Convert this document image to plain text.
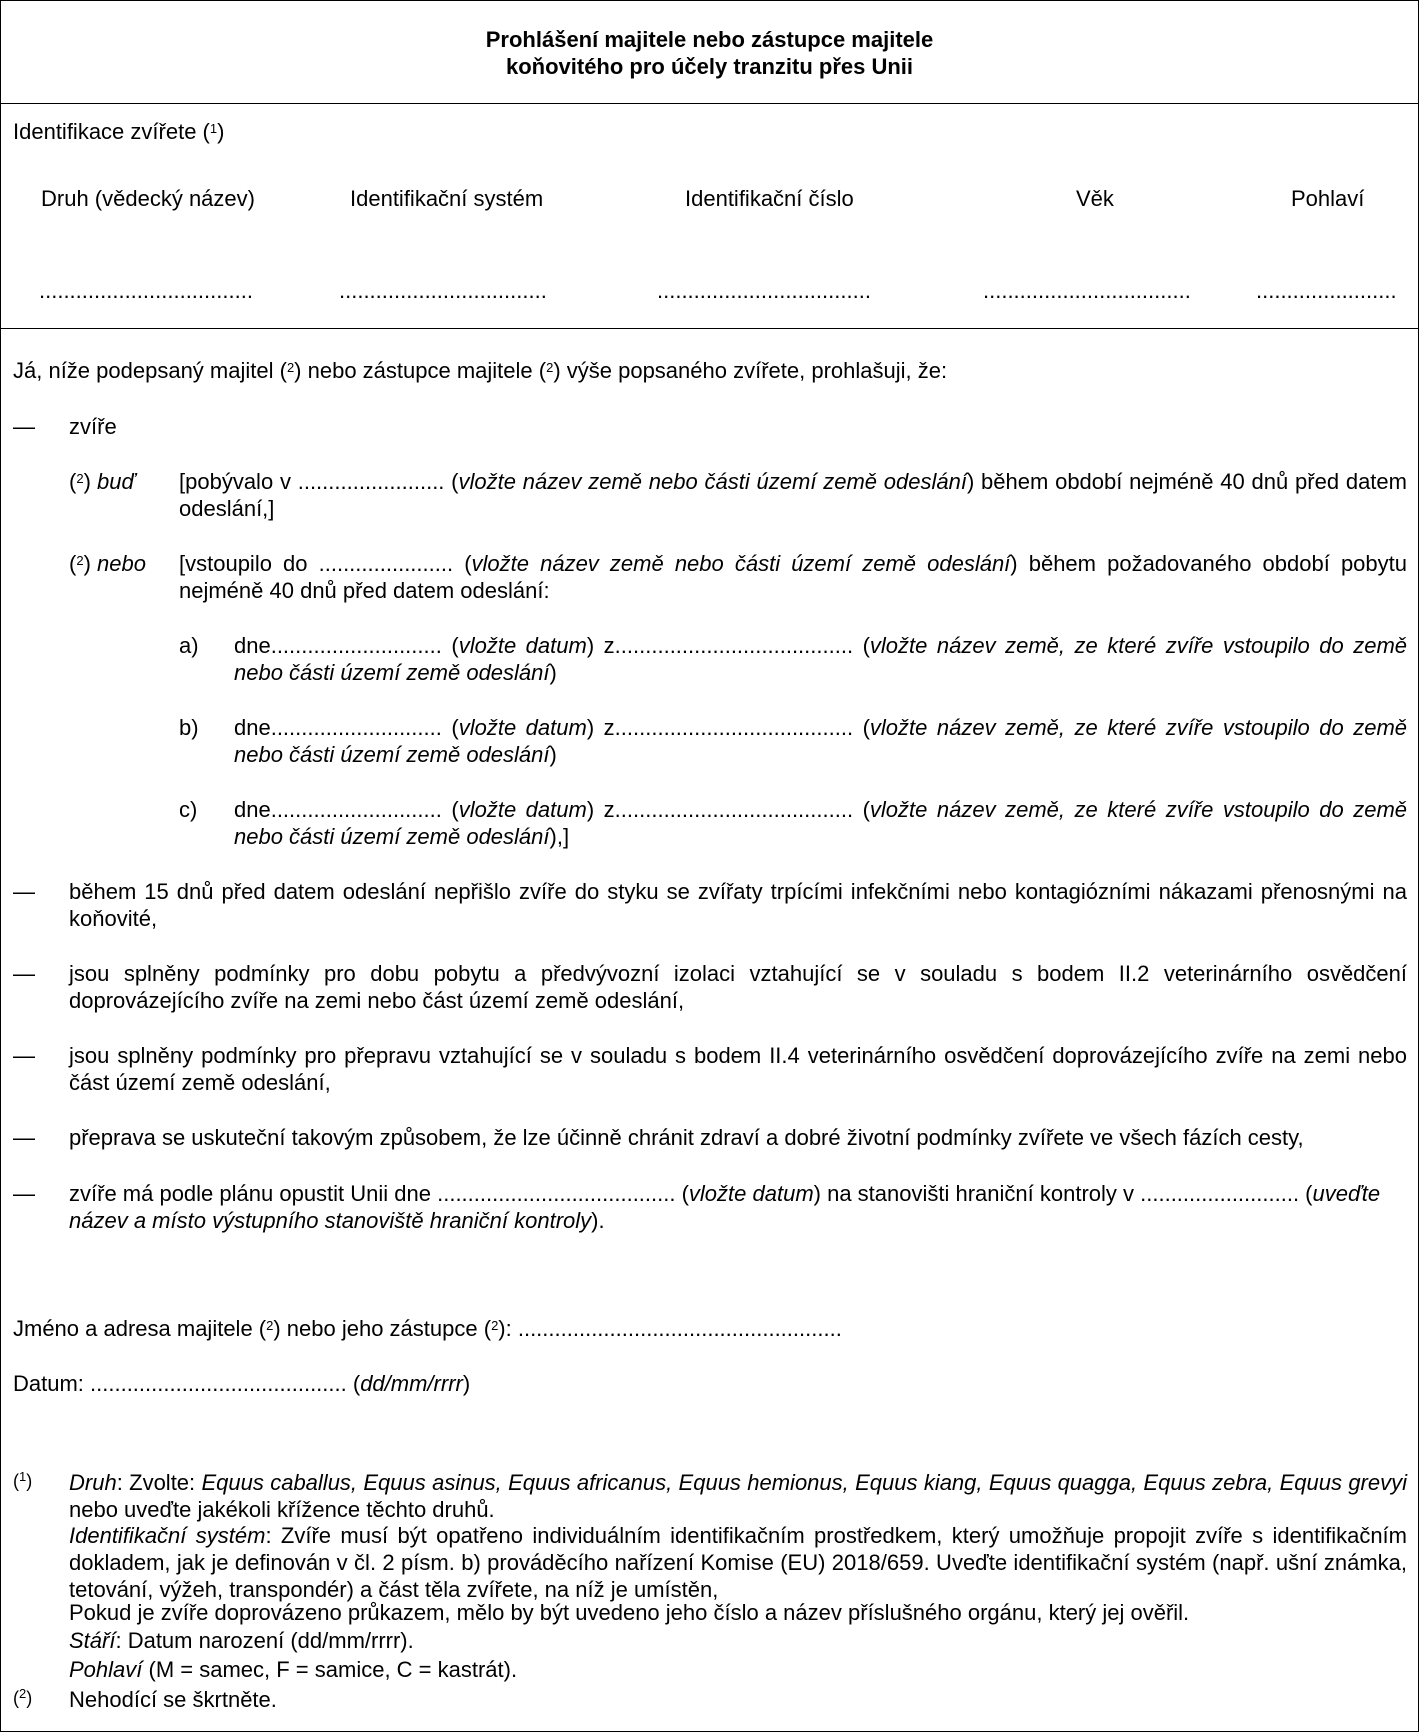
Prohlášení majitele nebo zástupce majitele
koňovitého pro účely tranzitu přes Unii
Identifikace zvířete ($^1$)
Druh (vědecký název)	Identifikační systém	Identifikační číslo	Věk	Pohlaví
...................................	..................................	...................................	..................................	.......................
Já, níže podepsaný majitel ($^2$) nebo zástupce majitele ($^2$) výše popsaného zvířete, prohlašuji, že:
— zvíře
($^2$) buď [pobývalo v ........................ (vložte název země nebo části území země odeslání) během období nejméně 40 dnů před datem odeslání,]
($^2$) nebo [vstoupilo do ...................... (vložte název země nebo části území země odeslání) během požadovaného období pobytu nejméně 40 dnů před datem odeslání:
a) dne............................ (vložte datum) z....................................... (vložte název země, ze které zvíře vstoupilo do země nebo části území země odeslání)
b) dne............................ (vložte datum) z....................................... (vložte název země, ze které zvíře vstoupilo do země nebo části území země odeslání)
c) dne............................ (vložte datum) z....................................... (vložte název země, ze které zvíře vstoupilo do země nebo části území země odeslání),]
— během 15 dnů před datem odeslání nepřišlo zvíře do styku se zvířaty trpícími infekčními nebo kontagiózními nákazami přenosnými na koňovité,
— jsou splněny podmínky pro dobu pobytu a předvývozní izolaci vztahující se v souladu s bodem II.2 veterinárního osvědčení doprovázejícího zvíře na zemi nebo část území země odeslání,
— jsou splněny podmínky pro přepravu vztahující se v souladu s bodem II.4 veterinárního osvědčení doprovázejícího zvíře na zemi nebo část území země odeslání,
— přeprava se uskuteční takovým způsobem, že lze účinně chránit zdraví a dobré životní podmínky zvířete ve všech fázích cesty,
— zvíře má podle plánu opustit Unii dne ....................................... (vložte datum) na stanovišti hraniční kontroly v .......................... (uveďte název a místo výstupního stanoviště hraniční kontroly).
Jméno a adresa majitele ($^2$) nebo jeho zástupce ($^2$): .....................................................
Datum: .......................................... (dd/mm/rrrr)
($^1$) Druh: Zvolte: Equus caballus, Equus asinus, Equus africanus, Equus hemionus, Equus kiang, Equus quagga, Equus zebra, Equus grevyi nebo uveďte jakékoli křížence těchto druhů.
Identifikační systém: Zvíře musí být opatřeno individuálním identifikačním prostředkem, který umožňuje propojit zvíře s identifikačním dokladem, jak je definován v čl. 2 písm. b) prováděcího nařízení Komise (EU) 2018/659. Uveďte identifikační systém (např. ušní známka, tetování, výžeh, transpondér) a část těla zvířete, na níž je umístěn,
Pokud je zvíře doprovázeno průkazem, mělo by být uvedeno jeho číslo a název příslušného orgánu, který jej ověřil.
Stáří: Datum narození (dd/mm/rrrr).
Pohlaví (M = samec, F = samice, C = kastrát).
($^2$) Nehodící se škrtněte.
